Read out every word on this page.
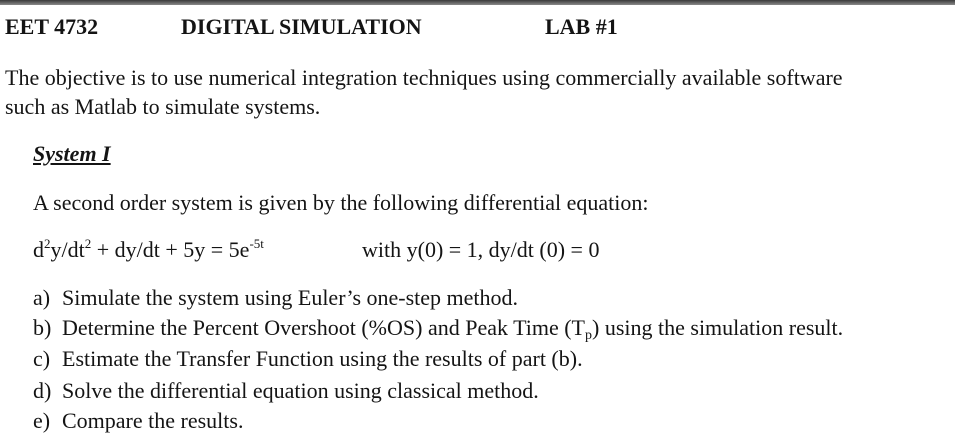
EET 4732	DIGITAL SIMULATION	LAB #1
The objective is to use numerical integration techniques using commercially available software
such as Matlab to simulate systems.
System I
A second order system is given by the following differential equation:
$d^2y/dt^2 + dy/dt + 5y = 5e^{-5t}$	with y(0) = 1, dy/dt (0) = 0
a) Simulate the system using Euler’s one-step method.
b) Determine the Percent Overshoot (%OS) and Peak Time $(T_p)$ using the simulation result.
c) Estimate the Transfer Function using the results of part (b).
d) Solve the differential equation using classical method.
e) Compare the results.
